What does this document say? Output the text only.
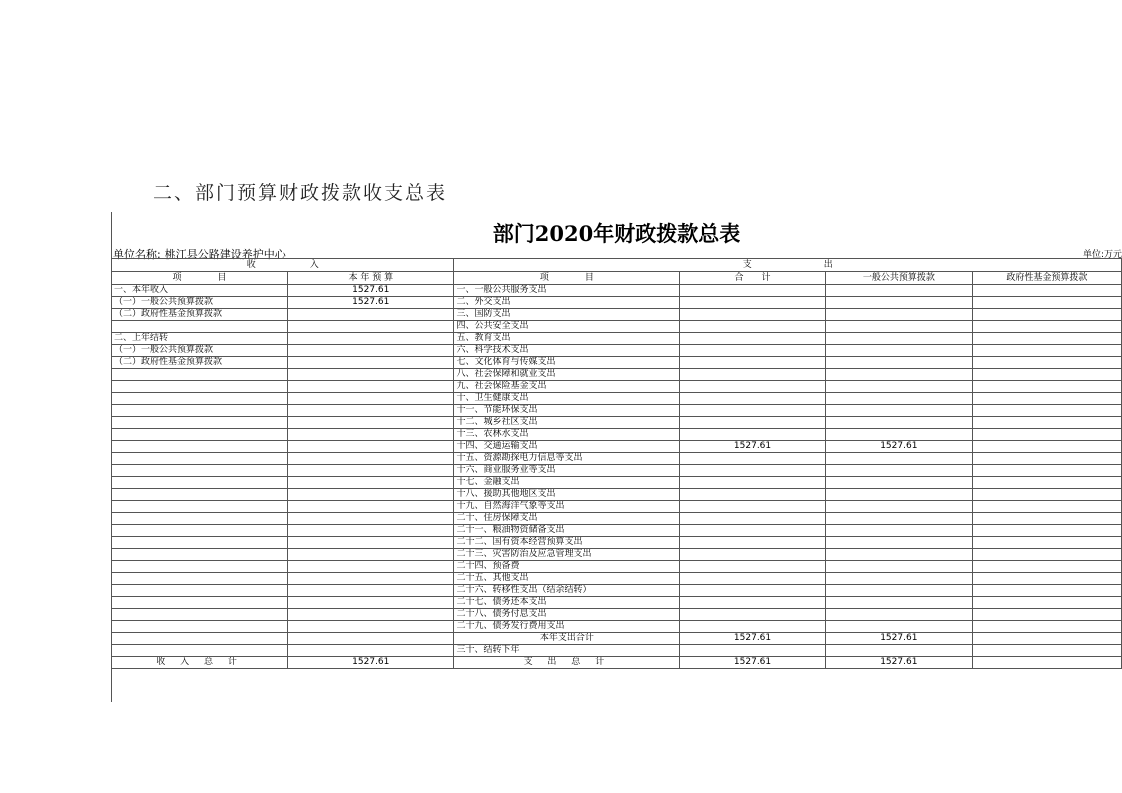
二、部门预算财政拨款收支总表
部门2020年财政拨款总表
单位名称: 桃江县公路建设养护中心	单位:万元
收　　　　　　入		支　　　　　　　　出			
项　　　　目	本 年 预 算	项　　　　目	合　　计	一般公共预算拨款	政府性基金预算拨款
一、本年收入	1527.61	一、一般公共服务支出			
（一）一般公共预算拨款	1527.61	二、外交支出			
（二）政府性基金预算拨款		三、国防支出			
		四、公共安全支出			
二、上年结转		五、教育支出			
（一）一般公共预算拨款		六、科学技术支出			
（二）政府性基金预算拨款		七、文化体育与传媒支出			
		八、社会保障和就业支出			
		九、社会保险基金支出			
		十、卫生健康支出			
		十一、节能环保支出			
		十二、城乡社区支出			
		十三、农林水支出			
		十四、交通运输支出	1527.61	1527.61	
		十五、资源勘探电力信息等支出			
		十六、商业服务业等支出			
		十七、金融支出			
		十八、援助其他地区支出			
		十九、自然海洋气象等支出			
		二十、住房保障支出			
		二十一、粮油物资储备支出			
		二十二、国有资本经营预算支出			
		二十三、灾害防治及应急管理支出			
		二十四、预备费			
		二十五、其他支出			
		二十六、转移性支出（结余结转）			
		二十七、债务还本支出			
		二十八、债务付息支出			
		二十九、债务发行费用支出			
		本年支出合计	1527.61	1527.61	
		三十、结转下年			
收 入 总 计	1527.61	支 出 总 计	1527.61	1527.61	
